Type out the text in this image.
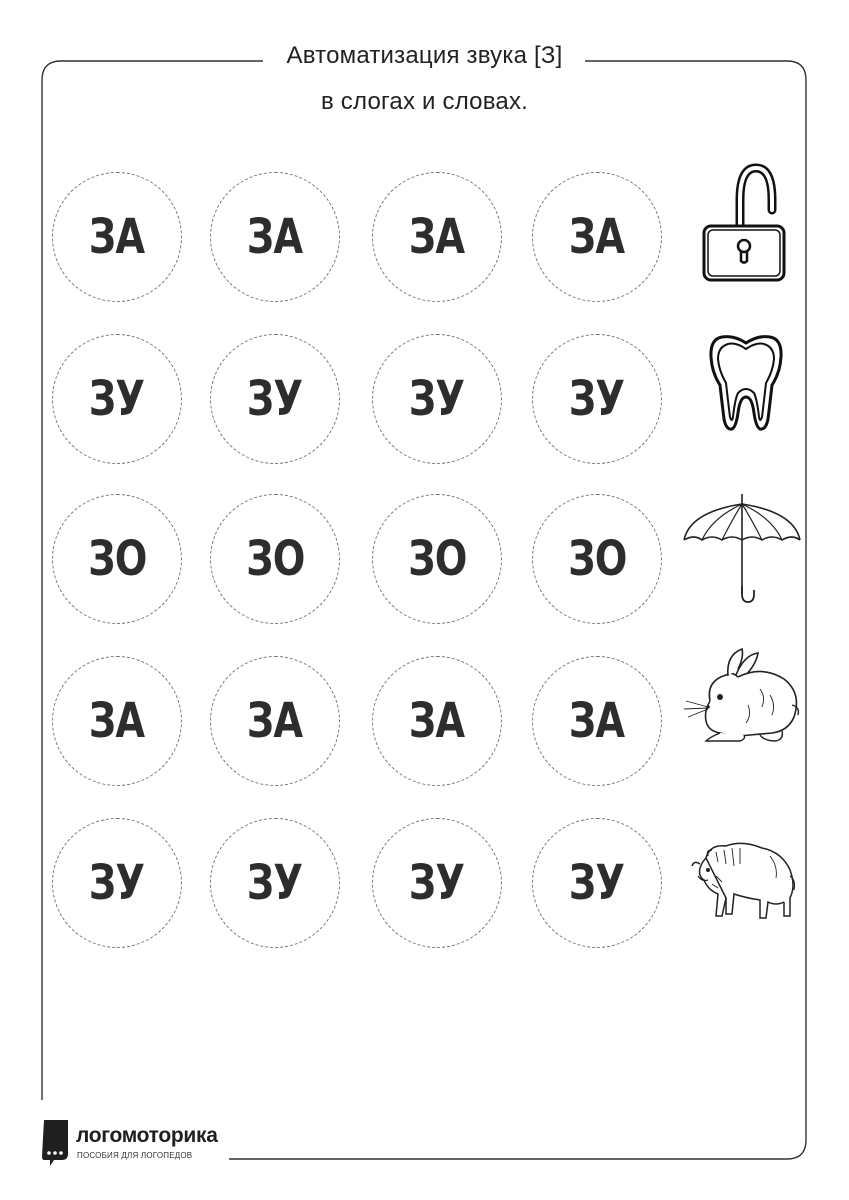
Автоматизация звука [З]
в слогах и словах.
ЗА ЗА ЗА ЗА
ЗУ ЗУ ЗУ ЗУ
ЗО ЗО ЗО ЗО
ЗА ЗА ЗА ЗА
ЗУ ЗУ ЗУ ЗУ
логомоторика
ПОСОБИЯ ДЛЯ ЛОГОПЕДОВ
